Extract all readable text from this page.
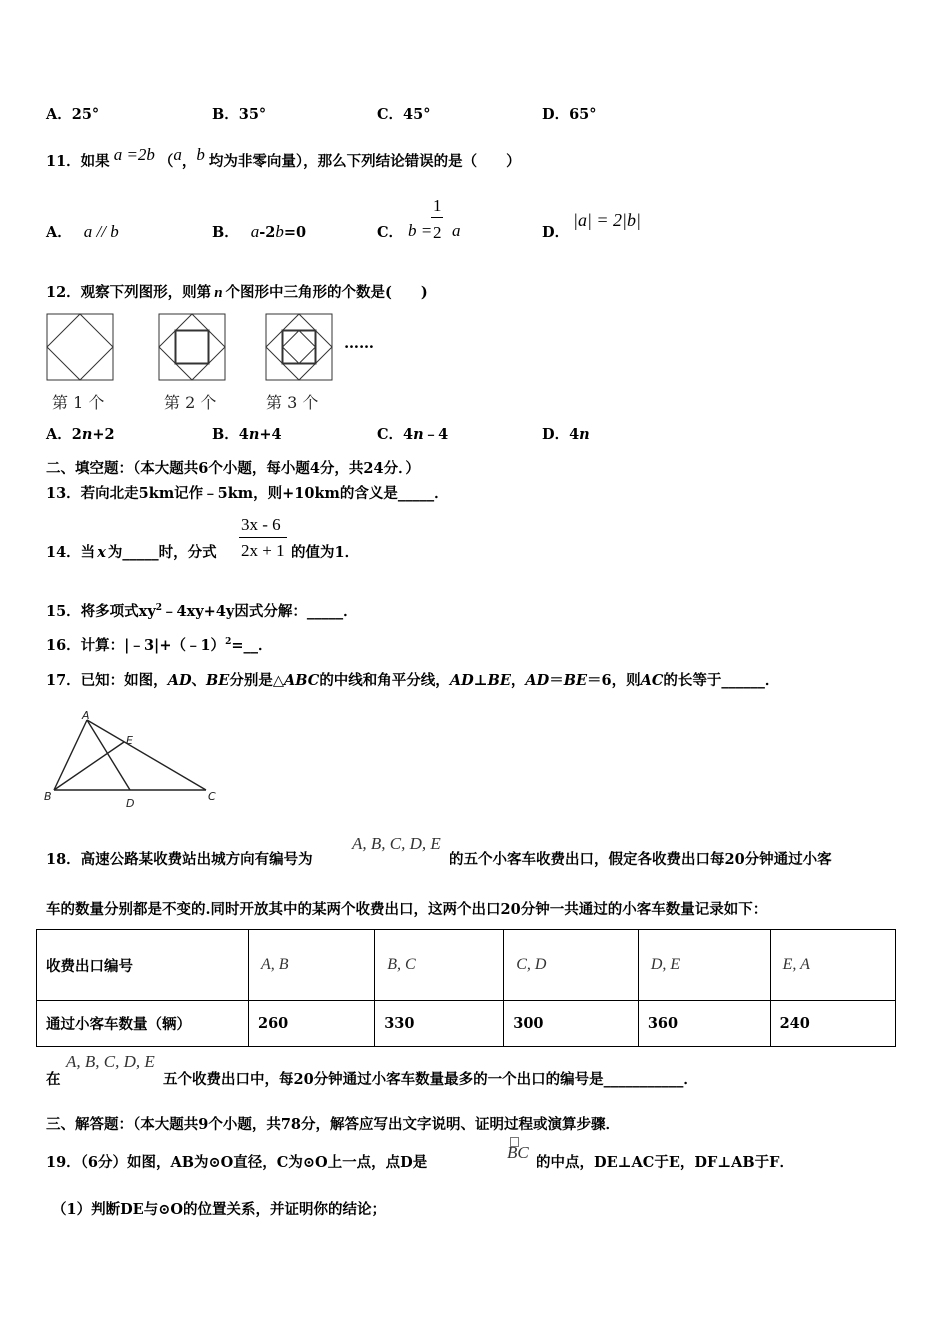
A．25°	B．35°	C．45°	D．65°
11．如果 a =2b （a，b 均为非零向量），那么下列结论错误的是（　　）
A． a // b	B． a-2b=0	C． b =
1
2 a	D．
|a| = 2|b|
12．观察下列图形，则第 n 个图形中三角形的个数是(　　)
……
第 1 个	第 2 个	第 3 个
A．2n+2	B．4n+4	C．4n﹣4	D．4n
二、填空题：（本大题共6个小题，每小题4分，共24分．）
13．若向北走5km记作﹣5km，则+10km的含义是_____．
14．当 x 为_____时，分式
3x - 6
2x + 1 的值为1．
15．将多项式$xy^2﹣4xy+4y$因式分解：_____．
16．计算：|﹣3|+（﹣1）$^2$=__．
17．已知：如图，AD、BE分别是△ABC的中线和角平分线，AD⊥BE，AD＝BE＝6，则AC的长等于______．
A
B	C
D
E
18．高速公路某收费站出城方向有编号为
A, B, C, D, E
的五个小客车收费出口，假定各收费出口每20分钟通过小客
车的数量分别都是不变的.同时开放其中的某两个收费出口，这两个出口20分钟一共通过的小客车数量记录如下：
收费出口编号	A, B	B, C	C, D	D, E	E, A
通过小客车数量（辆）	260	330	300	360	240
在
A, B, C, D, E
五个收费出口中，每20分钟通过小客车数量最多的一个出口的编号是___________．
三、解答题：（本大题共9个小题，共78分，解答应写出文字说明、证明过程或演算步骤．
19．（6分）如图，AB为⊙O直径，C为⊙O上一点，点D是
BC
的中点，DE⊥AC于E，DF⊥AB于F．
（1）判断DE与⊙O的位置关系，并证明你的结论；
